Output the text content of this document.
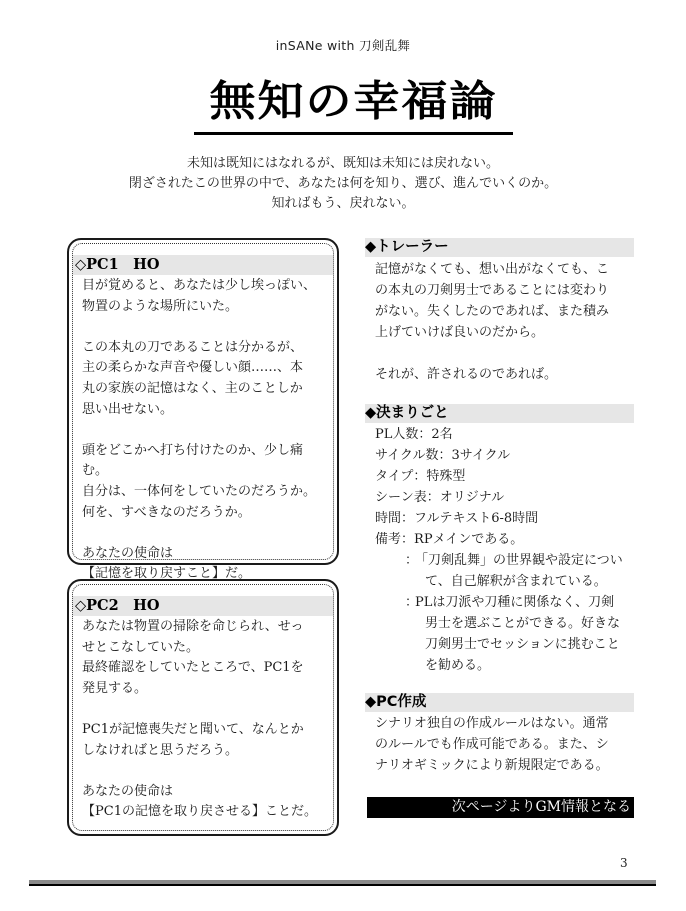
inSANe with 刀剣乱舞
無知の幸福論
未知は既知にはなれるが、既知は未知には戻れない。
閉ざされたこの世界の中で、あなたは何を知り、選び、進んでいくのか。
知ればもう、戻れない。
◇PC1　HO
目が覚めると、あなたは少し埃っぽい、
物置のような場所にいた。
この本丸の刀であることは分かるが、
主の柔らかな声音や優しい顔……、本
丸の家族の記憶はなく、主のことしか
思い出せない。
頭をどこかへ打ち付けたのか、少し痛
む。
自分は、一体何をしていたのだろうか。
何を、すべきなのだろうか。
あなたの使命は
【記憶を取り戻すこと】だ。
◇PC2　HO
あなたは物置の掃除を命じられ、せっ
せとこなしていた。
最終確認をしていたところで、PC1を
発見する。
PC1が記憶喪失だと聞いて、なんとか
しなければと思うだろう。
あなたの使命は
【PC1の記憶を取り戻させる】ことだ。
◆トレーラー
記憶がなくても、想い出がなくても、こ
の本丸の刀剣男士であることには変わり
がない。失くしたのであれば、また積み
上げていけば良いのだから。
それが、許されるのであれば。
◆決まりごと
PL人数：2名
サイクル数：3サイクル
タイプ：特殊型
シーン表：オリジナル
時間：フルテキスト6-8時間
備考：RPメインである。
：
「刀剣乱舞」の世界観や設定につい
て、自己解釈が含まれている。
：
PLは刀派や刀種に関係なく、刀剣
男士を選ぶことができる。好きな
刀剣男士でセッションに挑むこと
を勧める。
◆PC作成
シナリオ独自の作成ルールはない。通常
のルールでも作成可能である。また、シ
ナリオギミックにより新規限定である。
次ページよりGM情報となる
3
